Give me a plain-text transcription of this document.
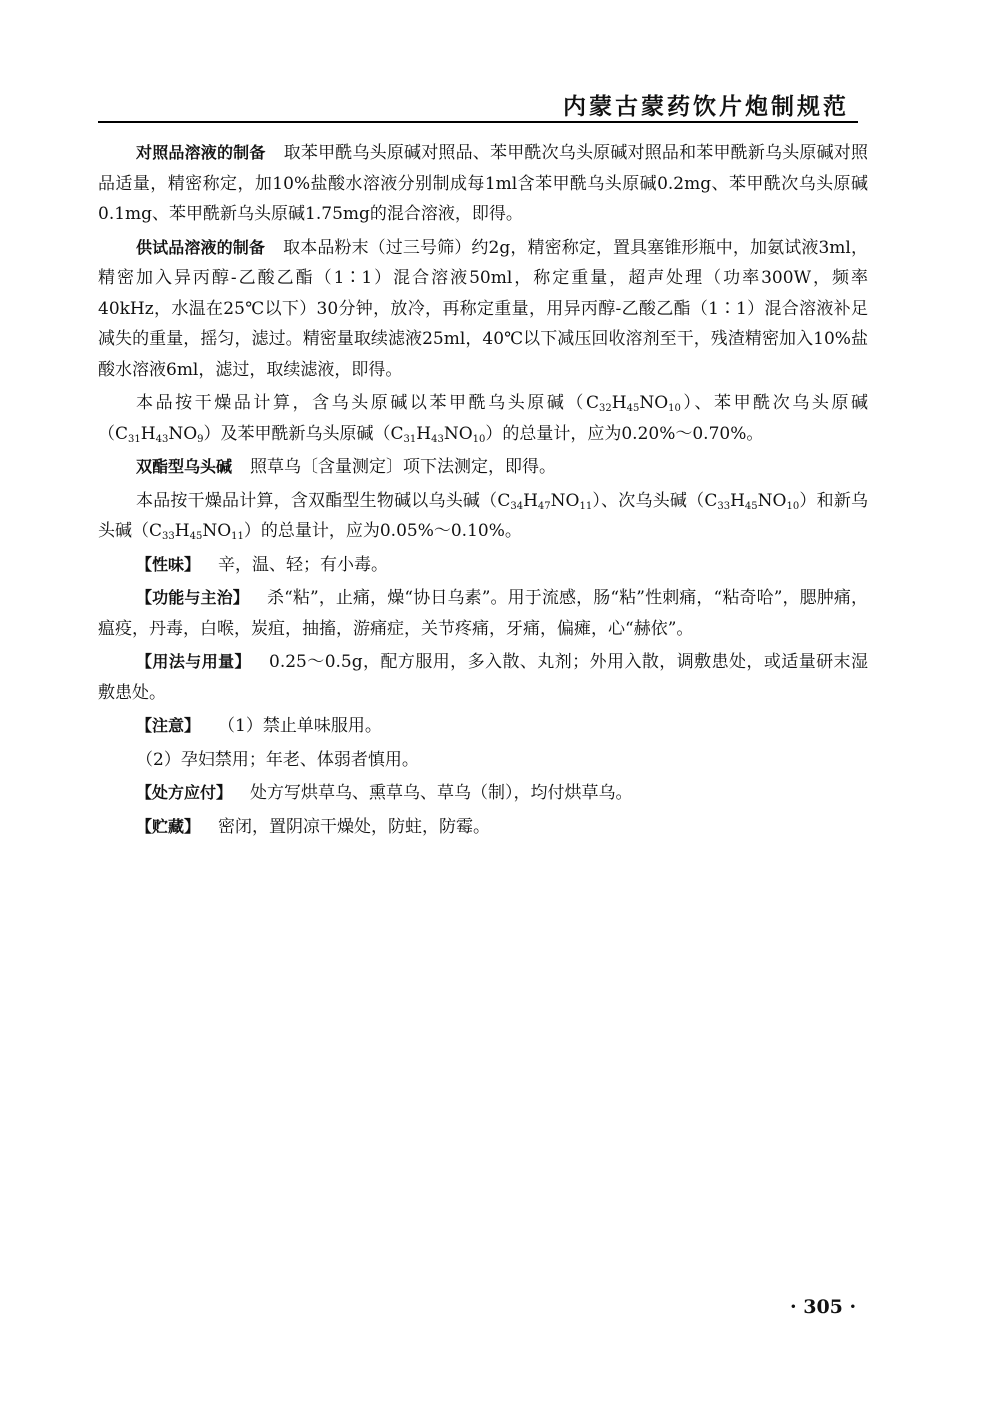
内蒙古蒙药饮片炮制规范

对照品溶液的制备 取苯甲酰乌头原碱对照品、苯甲酰次乌头原碱对照品和苯甲酰新乌头原碱对照品适量，精密称定，加10%盐酸水溶液分别制成每1ml含苯甲酰乌头原碱0.2mg、苯甲酰次乌头原碱0.1mg、苯甲酰新乌头原碱1.75mg的混合溶液，即得。

供试品溶液的制备 取本品粉末（过三号筛）约2g，精密称定，置具塞锥形瓶中，加氨试液3ml，精密加入异丙醇-乙酸乙酯（1∶1）混合溶液50ml，称定重量，超声处理（功率300W，频率40kHz，水温在25℃以下）30分钟，放冷，再称定重量，用异丙醇-乙酸乙酯（1∶1）混合溶液补足减失的重量，摇匀，滤过。精密量取续滤液25ml，40℃以下减压回收溶剂至干，残渣精密加入10%盐酸水溶液6ml，滤过，取续滤液，即得。

本品按干燥品计算，含乌头原碱以苯甲酰乌头原碱$(C_{32}H_{45}NO_{10})$、苯甲酰次乌头原碱$(C_{31}H_{43}NO_9)$及苯甲酰新乌头原碱$(C_{31}H_{43}NO_{10})$的总量计，应为0.20%～0.70%。

双酯型乌头碱 照草乌〔含量测定〕项下法测定，即得。

本品按干燥品计算，含双酯型生物碱以乌头碱$(C_{34}H_{47}NO_{11})$、次乌头碱$(C_{33}H_{45}NO_{10})$和新乌头碱$(C_{33}H_{45}NO_{11})$的总量计，应为0.05%～0.10%。

【性味】 辛，温、轻；有小毒。

【功能与主治】 杀“粘”，止痛，燥“协日乌素”。用于流感，肠“粘”性刺痛，“粘奇哈”，腮肿痛，瘟疫，丹毒，白喉，炭疽，抽搐，游痛症，关节疼痛，牙痛，偏瘫，心“赫依”。

【用法与用量】 0.25～0.5g，配方服用，多入散、丸剂；外用入散，调敷患处，或适量研末湿敷患处。

【注意】 （1）禁止单味服用。

（2）孕妇禁用；年老、体弱者慎用。

【处方应付】 处方写烘草乌、熏草乌、草乌（制），均付烘草乌。

【贮藏】 密闭，置阴凉干燥处，防蛀，防霉。

· 305 ·
